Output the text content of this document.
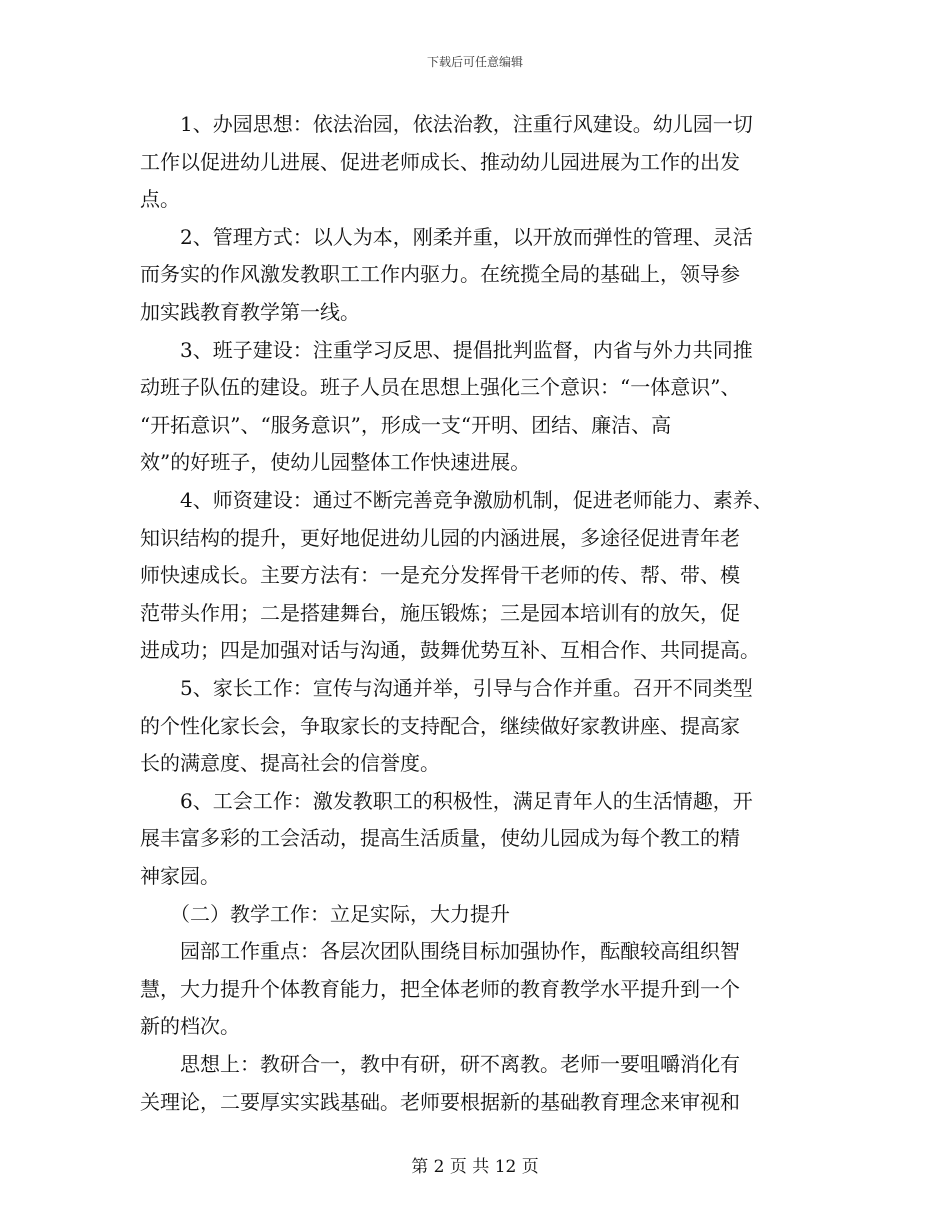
下载后可任意编辑
　　1、办园思想：依法治园，依法治教，注重行风建设。幼儿园一切
工作以促进幼儿进展、促进老师成长、推动幼儿园进展为工作的出发
点。
　　2、管理方式：以人为本，刚柔并重，以开放而弹性的管理、灵活
而务实的作风激发教职工工作内驱力。在统揽全局的基础上，领导参
加实践教育教学第一线。
　　3、班子建设：注重学习反思、提倡批判监督，内省与外力共同推
动班子队伍的建设。班子人员在思想上强化三个意识：“一体意识”、
“开拓意识”、“服务意识”，形成一支“开明、团结、廉洁、高
效”的好班子，使幼儿园整体工作快速进展。
　　4、师资建设：通过不断完善竞争激励机制，促进老师能力、素养、
知识结构的提升，更好地促进幼儿园的内涵进展，多途径促进青年老
师快速成长。主要方法有：一是充分发挥骨干老师的传、帮、带、模
范带头作用；二是搭建舞台，施压锻炼；三是园本培训有的放矢，促
进成功；四是加强对话与沟通，鼓舞优势互补、互相合作、共同提高。
　　5、家长工作：宣传与沟通并举，引导与合作并重。召开不同类型
的个性化家长会，争取家长的支持配合，继续做好家教讲座、提高家
长的满意度、提高社会的信誉度。
　　6、工会工作：激发教职工的积极性，满足青年人的生活情趣，开
展丰富多彩的工会活动，提高生活质量，使幼儿园成为每个教工的精
神家园。
　　（二）教学工作：立足实际，大力提升
　　园部工作重点：各层次团队围绕目标加强协作，酝酿较高组织智
慧，大力提升个体教育能力，把全体老师的教育教学水平提升到一个
新的档次。
　　思想上：教研合一，教中有研，研不离教。老师一要咀嚼消化有
关理论，二要厚实实践基础。老师要根据新的基础教育理念来审视和
第 2 页 共 12 页
